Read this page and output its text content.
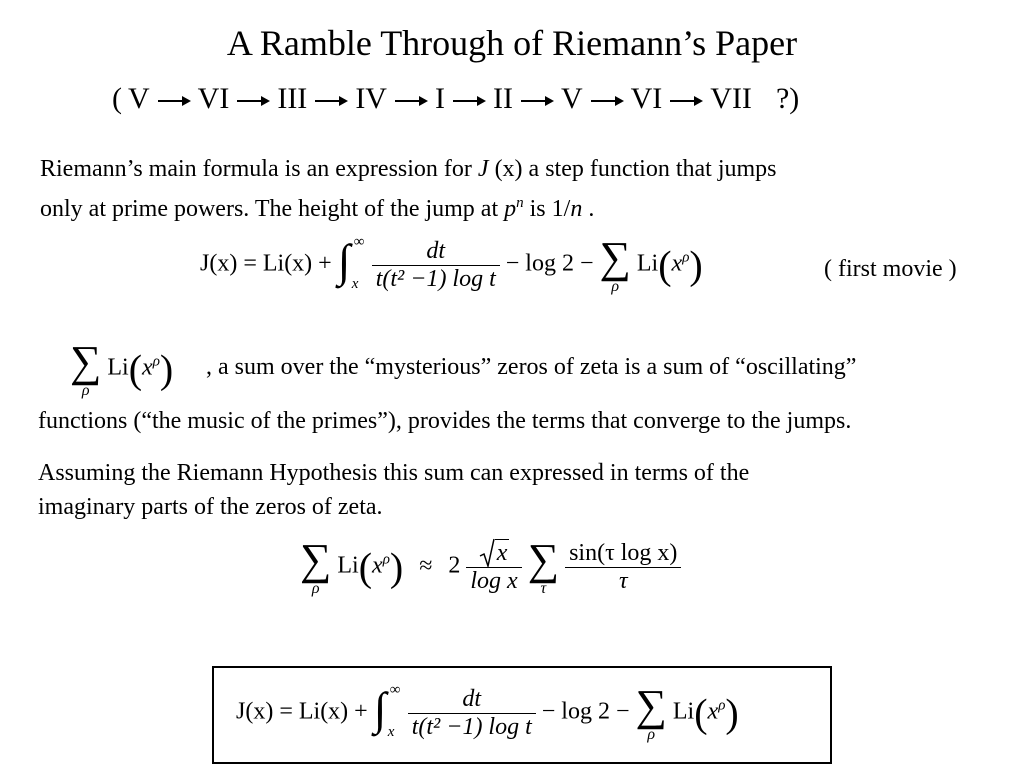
A Ramble Through of Riemann’s Paper
( V VI III IV I II V VI VII ?)
Riemann’s main formula is an expression for J (x) a step function that jumps
only at prime powers. The height of the jump at $p^n$ is 1/n .
J(x) = Li(x) + ∫ ∞
x
$\frac{dt}{\text{t(t² −1) log t}} - \log 2$ − ∑
ρ
$Li(x^\rho)$	( first movie )
∑
ρ
$Li(x^\rho)$ , a sum over the “mysterious” zeros of zeta is a sum of “oscillating”
functions (“the music of the primes”), provides the terms that converge to the jumps.
Assuming the Riemann Hypothesis this sum can expressed in terms of the
imaginary parts of the zeros of zeta.
∑
ρ
$Li(x^\rho) \approx 2 \frac{x}{\text{log x}}$
∑
τ
$\frac{\text{sin(τ log x)}}{\tau}$
J(x) = Li(x) + ∫ ∞
x
$\frac{dt}{\text{t(t² −1) log t}} - \log 2$ − ∑
ρ
$Li(x^\rho)$
